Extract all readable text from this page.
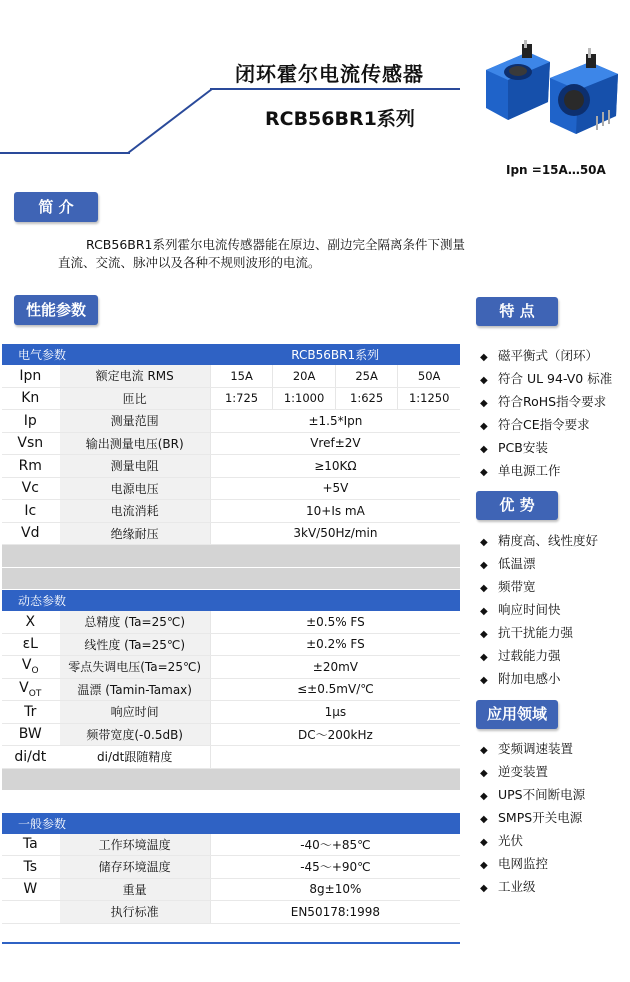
闭环霍尔电流传感器
RCB56BR1系列
Ipn =15A…50A
简 介
RCB56BR1系列霍尔电流传感器能在原边、副边完全隔离条件下测量直流、交流、脉冲以及各种不规则波形的电流。
性能参数
电气参数		RCB56BR1系列			
Ipn	额定电流 RMS	15A	20A	25A	50A
Kn	匝比	1:725	1:1000	1:625	1:1250
Ip	测量范围	±1.5*Ipn			
Vsn	输出测量电压(BR)	Vref±2V			
Rm	测量电阻	≥10KΩ			
Vc	电源电压	+5V			
Ic	电流消耗	10+Is mA			
Vd	绝缘耐压	3kV/50Hz/min			

动态参数					
X	总精度 (Ta=25℃)	±0.5% FS			
εL	线性度 (Ta=25℃)	±0.2% FS			
$V_O$	零点失调电压(Ta=25℃)	±20mV			
$V_{OT}$	温漂 (Tamin-Tamax)	≤±0.5mV/℃			
Tr	响应时间	1μs			
BW	频带宽度(-0.5dB)	DC～200kHz			
di/dt	di/dt跟随精度				

一般参数					
Ta	工作环境温度	-40～+85℃			
Ts	储存环境温度	-45～+90℃			
W	重量	8g±10%			
	执行标准	EN50178:1998			
特 点
◆ 磁平衡式（闭环）
◆ 符合 UL 94-V0 标准
◆ 符合RoHS指令要求
◆ 符合CE指令要求
◆ PCB安装
◆ 单电源工作
优 势
◆ 精度高、线性度好
◆ 低温漂
◆ 频带宽
◆ 响应时间快
◆ 抗干扰能力强
◆ 过载能力强
◆ 附加电感小
应用领域
◆ 变频调速装置
◆ 逆变装置
◆ UPS不间断电源
◆ SMPS开关电源
◆ 光伏
◆ 电网监控
◆ 工业级
